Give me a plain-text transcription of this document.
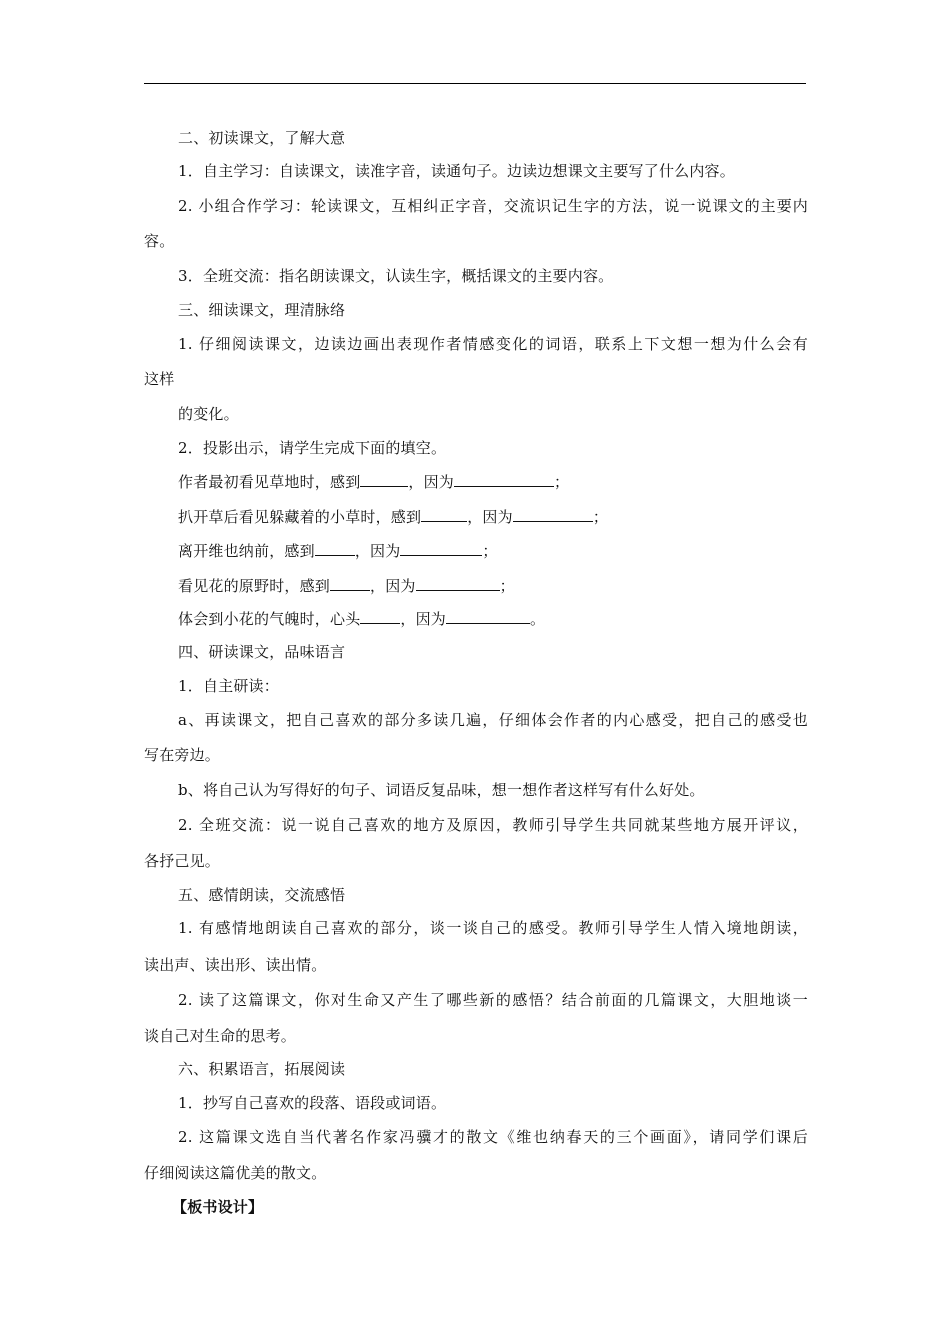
二、初读课文，了解大意
1．自主学习：自读课文，读准字音，读通句子。边读边想课文主要写了什么内容。
2. 小组合作学习：轮读课文，互相纠正字音，交流识记生字的方法，说一说课文的主要内
容。
3．全班交流：指名朗读课文，认读生字，概括课文的主要内容。
三、细读课文，理清脉络
1. 仔细阅读课文，边读边画出表现作者情感变化的词语，联系上下文想一想为什么会有
这样
的变化。
2．投影出示，请学生完成下面的填空。
作者最初看见草地时，感到	，因为	；
扒开草后看见躲藏着的小草时，感到	，因为	；
离开维也纳前，感到	，因为	；
看见花的原野时，感到	，因为	；
体会到小花的气魄时，心头	，因为	。
四、研读课文，品味语言
1．自主研读：
a、再读课文，把自己喜欢的部分多读几遍，仔细体会作者的内心感受，把自己的感受也
写在旁边。
b、将自己认为写得好的句子、词语反复品味，想一想作者这样写有什么好处。
2. 全班交流：说一说自己喜欢的地方及原因，教师引导学生共同就某些地方展开评议，
各抒己见。
五、感情朗读，交流感悟
1. 有感情地朗读自己喜欢的部分，谈一谈自己的感受。教师引导学生人情入境地朗读，
读出声、读出形、读出情。
2. 读了这篇课文，你对生命又产生了哪些新的感悟？结合前面的几篇课文，大胆地谈一
谈自己对生命的思考。
六、积累语言，拓展阅读
1．抄写自己喜欢的段落、语段或词语。
2. 这篇课文选自当代著名作家冯骥才的散文《维也纳春天的三个画面》，请同学们课后
仔细阅读这篇优美的散文。
【板书设计】
